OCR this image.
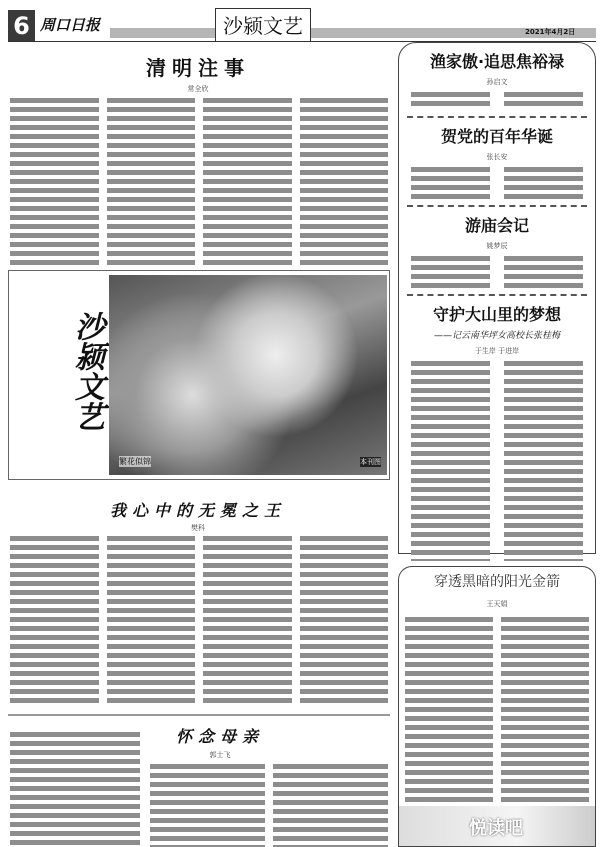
6 周口日报	沙颍文艺	2021年4月2日
清明注事
常全欣
沙颍文艺
繁花似锦	本刊图
我心中的无冕之王
樊科
怀念母亲
郭士飞
渔家傲·追思焦裕禄
孙启文
贺党的百年华诞
张长安
游庙会记
姚梦辰
守护大山里的梦想
——记云南华坪女高校长张桂梅
于生岸 于进岸
穿透黑暗的阳光金箭
王天娟
悦读吧
